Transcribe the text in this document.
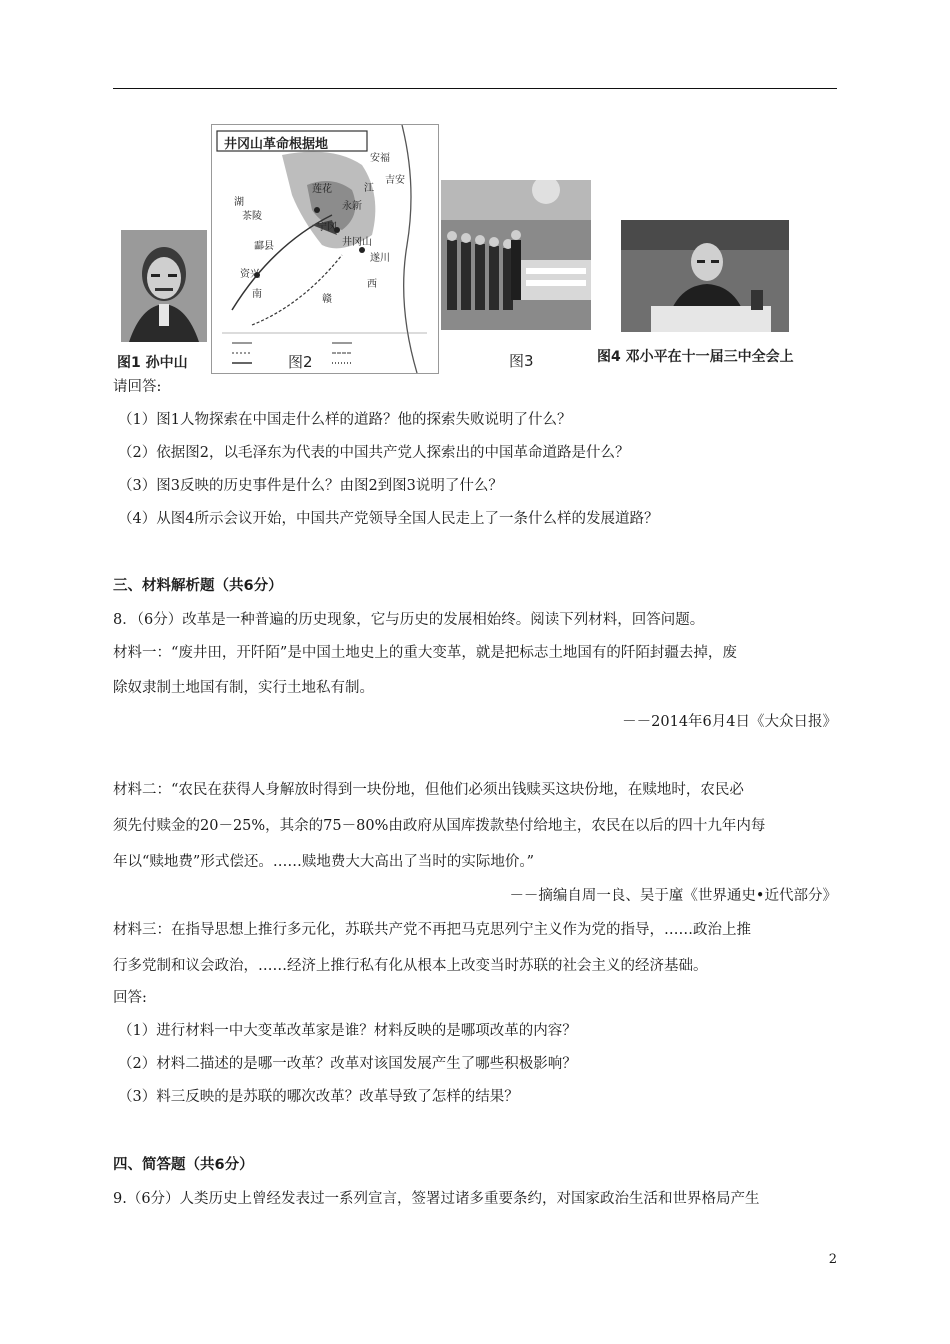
图1 孙中山
井冈山革命根据地
安福
江
吉安
永新
茶陵
莲花
宁冈
酃县	井冈山
遂川
资兴
西
南	赣
湖
图2	图3	图4 邓小平在十一届三中全会上
请回答:
（1）图1人物探索在中国走什么样的道路？他的探索失败说明了什么？
（2）依据图2，以毛泽东为代表的中国共产党人探索出的中国革命道路是什么？
（3）图3反映的历史事件是什么？由图2到图3说明了什么？
（4）从图4所示会议开始，中国共产党领导全国人民走上了一条什么样的发展道路？
三、材料解析题（共6分）
8．（6分）改革是一种普遍的历史现象，它与历史的发展相始终。阅读下列材料，回答问题。
材料一：“废井田，开阡陌”是中国土地史上的重大变革，就是把标志土地国有的阡陌封疆去掉，废
除奴隶制土地国有制，实行土地私有制。
－－2014年6月4日《大众日报》
材料二：“农民在获得人身解放时得到一块份地，但他们必须出钱赎买这块份地，在赎地时，农民必
须先付赎金的20－25%，其余的75－80%由政府从国库拨款垫付给地主，农民在以后的四十九年内每
年以“赎地费”形式偿还。……赎地费大大高出了当时的实际地价。”
－－摘编自周一良、吴于廑《世界通史•近代部分》
材料三：在指导思想上推行多元化，苏联共产党不再把马克思列宁主义作为党的指导，……政治上推
行多党制和议会政治，……经济上推行私有化从根本上改变当时苏联的社会主义的经济基础。
回答:
（1）进行材料一中大变革改革家是谁？材料反映的是哪项改革的内容？
（2）材料二描述的是哪一改革？改革对该国发展产生了哪些积极影响？
（3）料三反映的是苏联的哪次改革？改革导致了怎样的结果？
四、简答题（共6分）
9.（6分）人类历史上曾经发表过一系列宣言，签署过诸多重要条约，对国家政治生活和世界格局产生
2
